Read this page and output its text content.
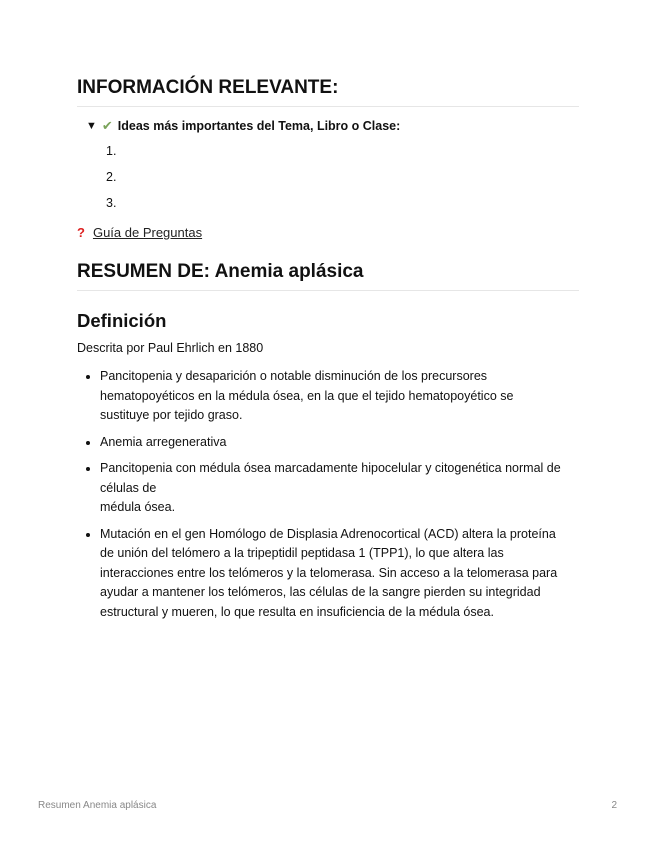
INFORMACIÓN RELEVANTE:
▼ ✔ Ideas más importantes del Tema, Libro o Clase:
1.
2.
3.
? Guía de Preguntas
RESUMEN DE: Anemia aplásica
Definición

Descrita por Paul Ehrlich en 1880

• Pancitopenia y desaparición o notable disminución de los precursores
hematopoyéticos en la médula ósea, en la que el tejido hematopoyético se
sustituye por tejido graso.
• Anemia arregenerativa
• Pancitopenia con médula ósea marcadamente hipocelular y citogenética normal de
células de
médula ósea.
• Mutación en el gen Homólogo de Displasia Adrenocortical (ACD) altera la proteína
de unión del telómero a la tripeptidil peptidasa 1 (TPP1), lo que altera las
interacciones entre los telómeros y la telomerasa. Sin acceso a la telomerasa para
ayudar a mantener los telómeros, las células de la sangre pierden su integridad
estructural y mueren, lo que resulta en insuficiencia de la médula ósea.
Resumen Anemia aplásica	2
